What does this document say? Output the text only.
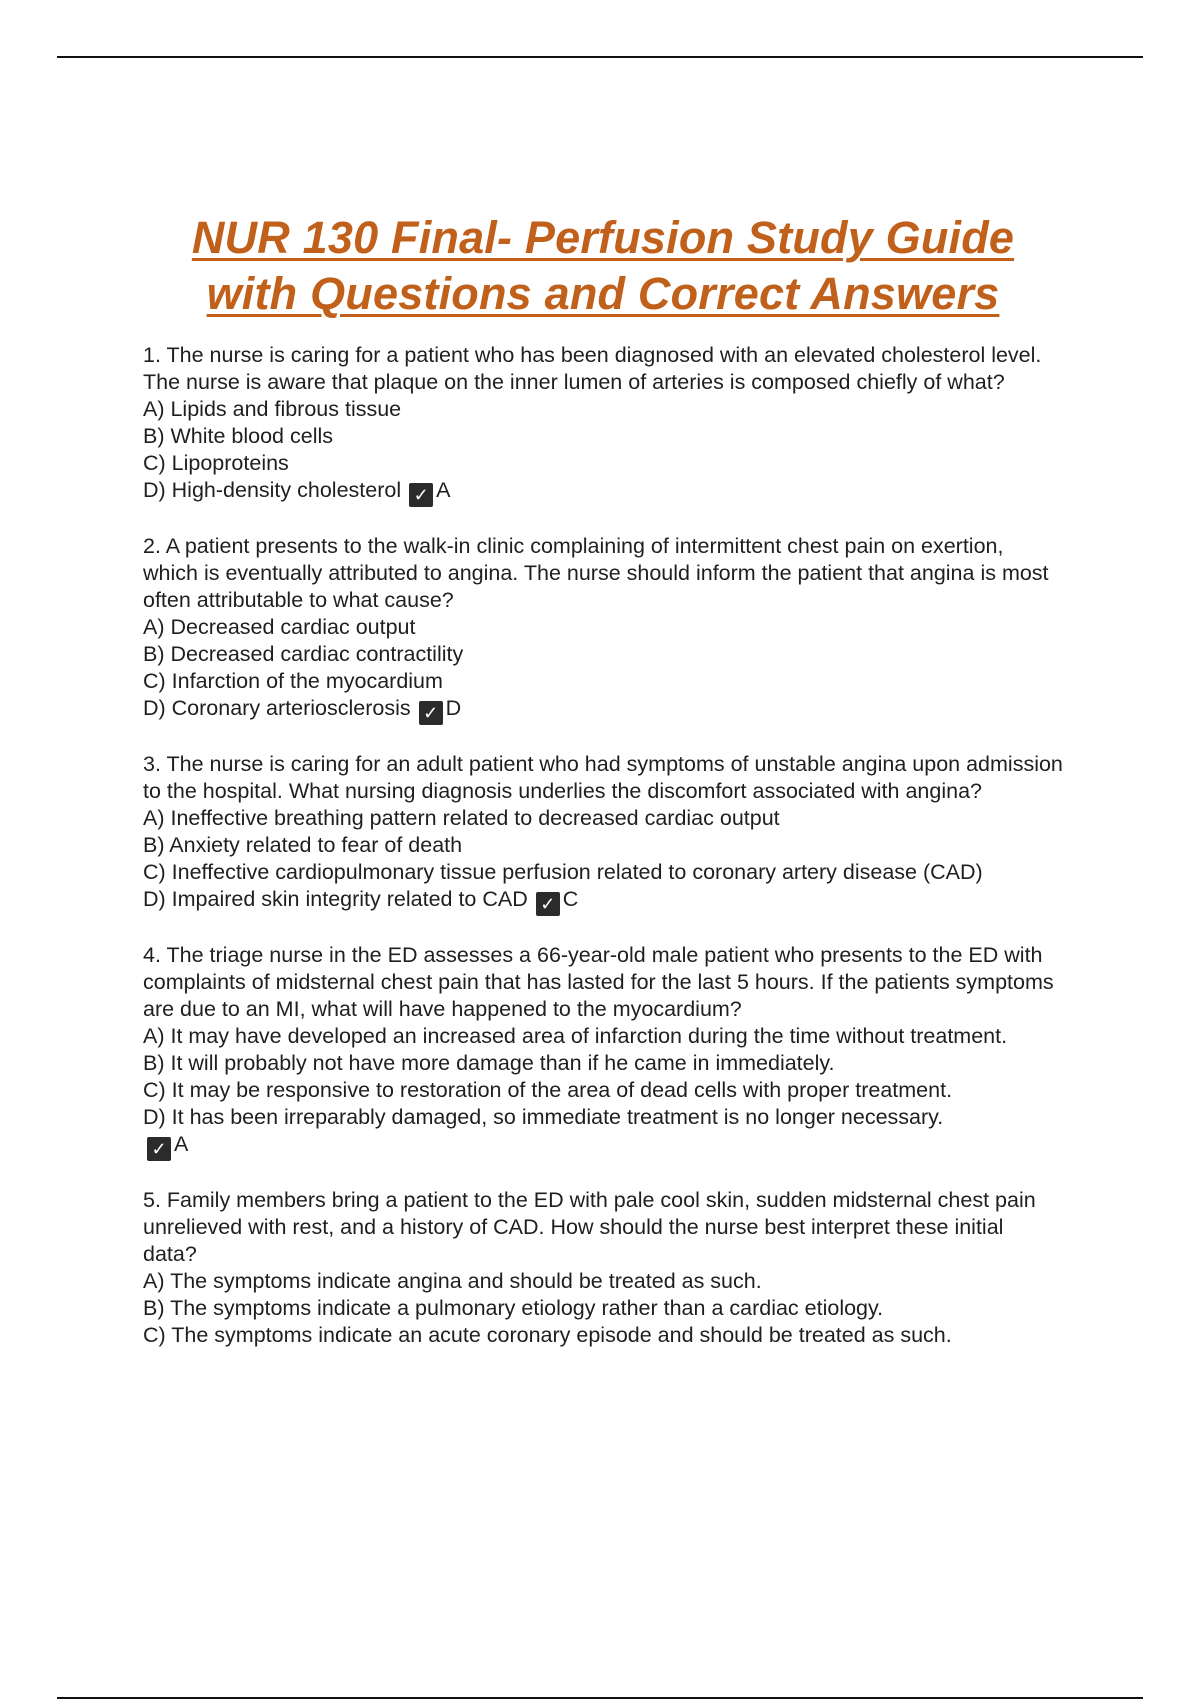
NUR 130 Final- Perfusion Study Guide
with Questions and Correct Answers
1. The nurse is caring for a patient who has been diagnosed with an elevated cholesterol level. The nurse is aware that plaque on the inner lumen of arteries is composed chiefly of what?
A) Lipids and fibrous tissue
B) White blood cells
C) Lipoproteins
D) High-density cholesterol ✓ A
2. A patient presents to the walk-in clinic complaining of intermittent chest pain on exertion, which is eventually attributed to angina. The nurse should inform the patient that angina is most often attributable to what cause?
A) Decreased cardiac output
B) Decreased cardiac contractility
C) Infarction of the myocardium
D) Coronary arteriosclerosis ✓ D
3. The nurse is caring for an adult patient who had symptoms of unstable angina upon admission to the hospital. What nursing diagnosis underlies the discomfort associated with angina?
A) Ineffective breathing pattern related to decreased cardiac output
B) Anxiety related to fear of death
C) Ineffective cardiopulmonary tissue perfusion related to coronary artery disease (CAD)
D) Impaired skin integrity related to CAD ✓ C
4. The triage nurse in the ED assesses a 66-year-old male patient who presents to the ED with complaints of midsternal chest pain that has lasted for the last 5 hours. If the patients symptoms are due to an MI, what will have happened to the myocardium?
A) It may have developed an increased area of infarction during the time without treatment.
B) It will probably not have more damage than if he came in immediately.
C) It may be responsive to restoration of the area of dead cells with proper treatment.
D) It has been irreparably damaged, so immediate treatment is no longer necessary.
✓ A
5. Family members bring a patient to the ED with pale cool skin, sudden midsternal chest pain unrelieved with rest, and a history of CAD. How should the nurse best interpret these initial data?
A) The symptoms indicate angina and should be treated as such.
B) The symptoms indicate a pulmonary etiology rather than a cardiac etiology.
C) The symptoms indicate an acute coronary episode and should be treated as such.
